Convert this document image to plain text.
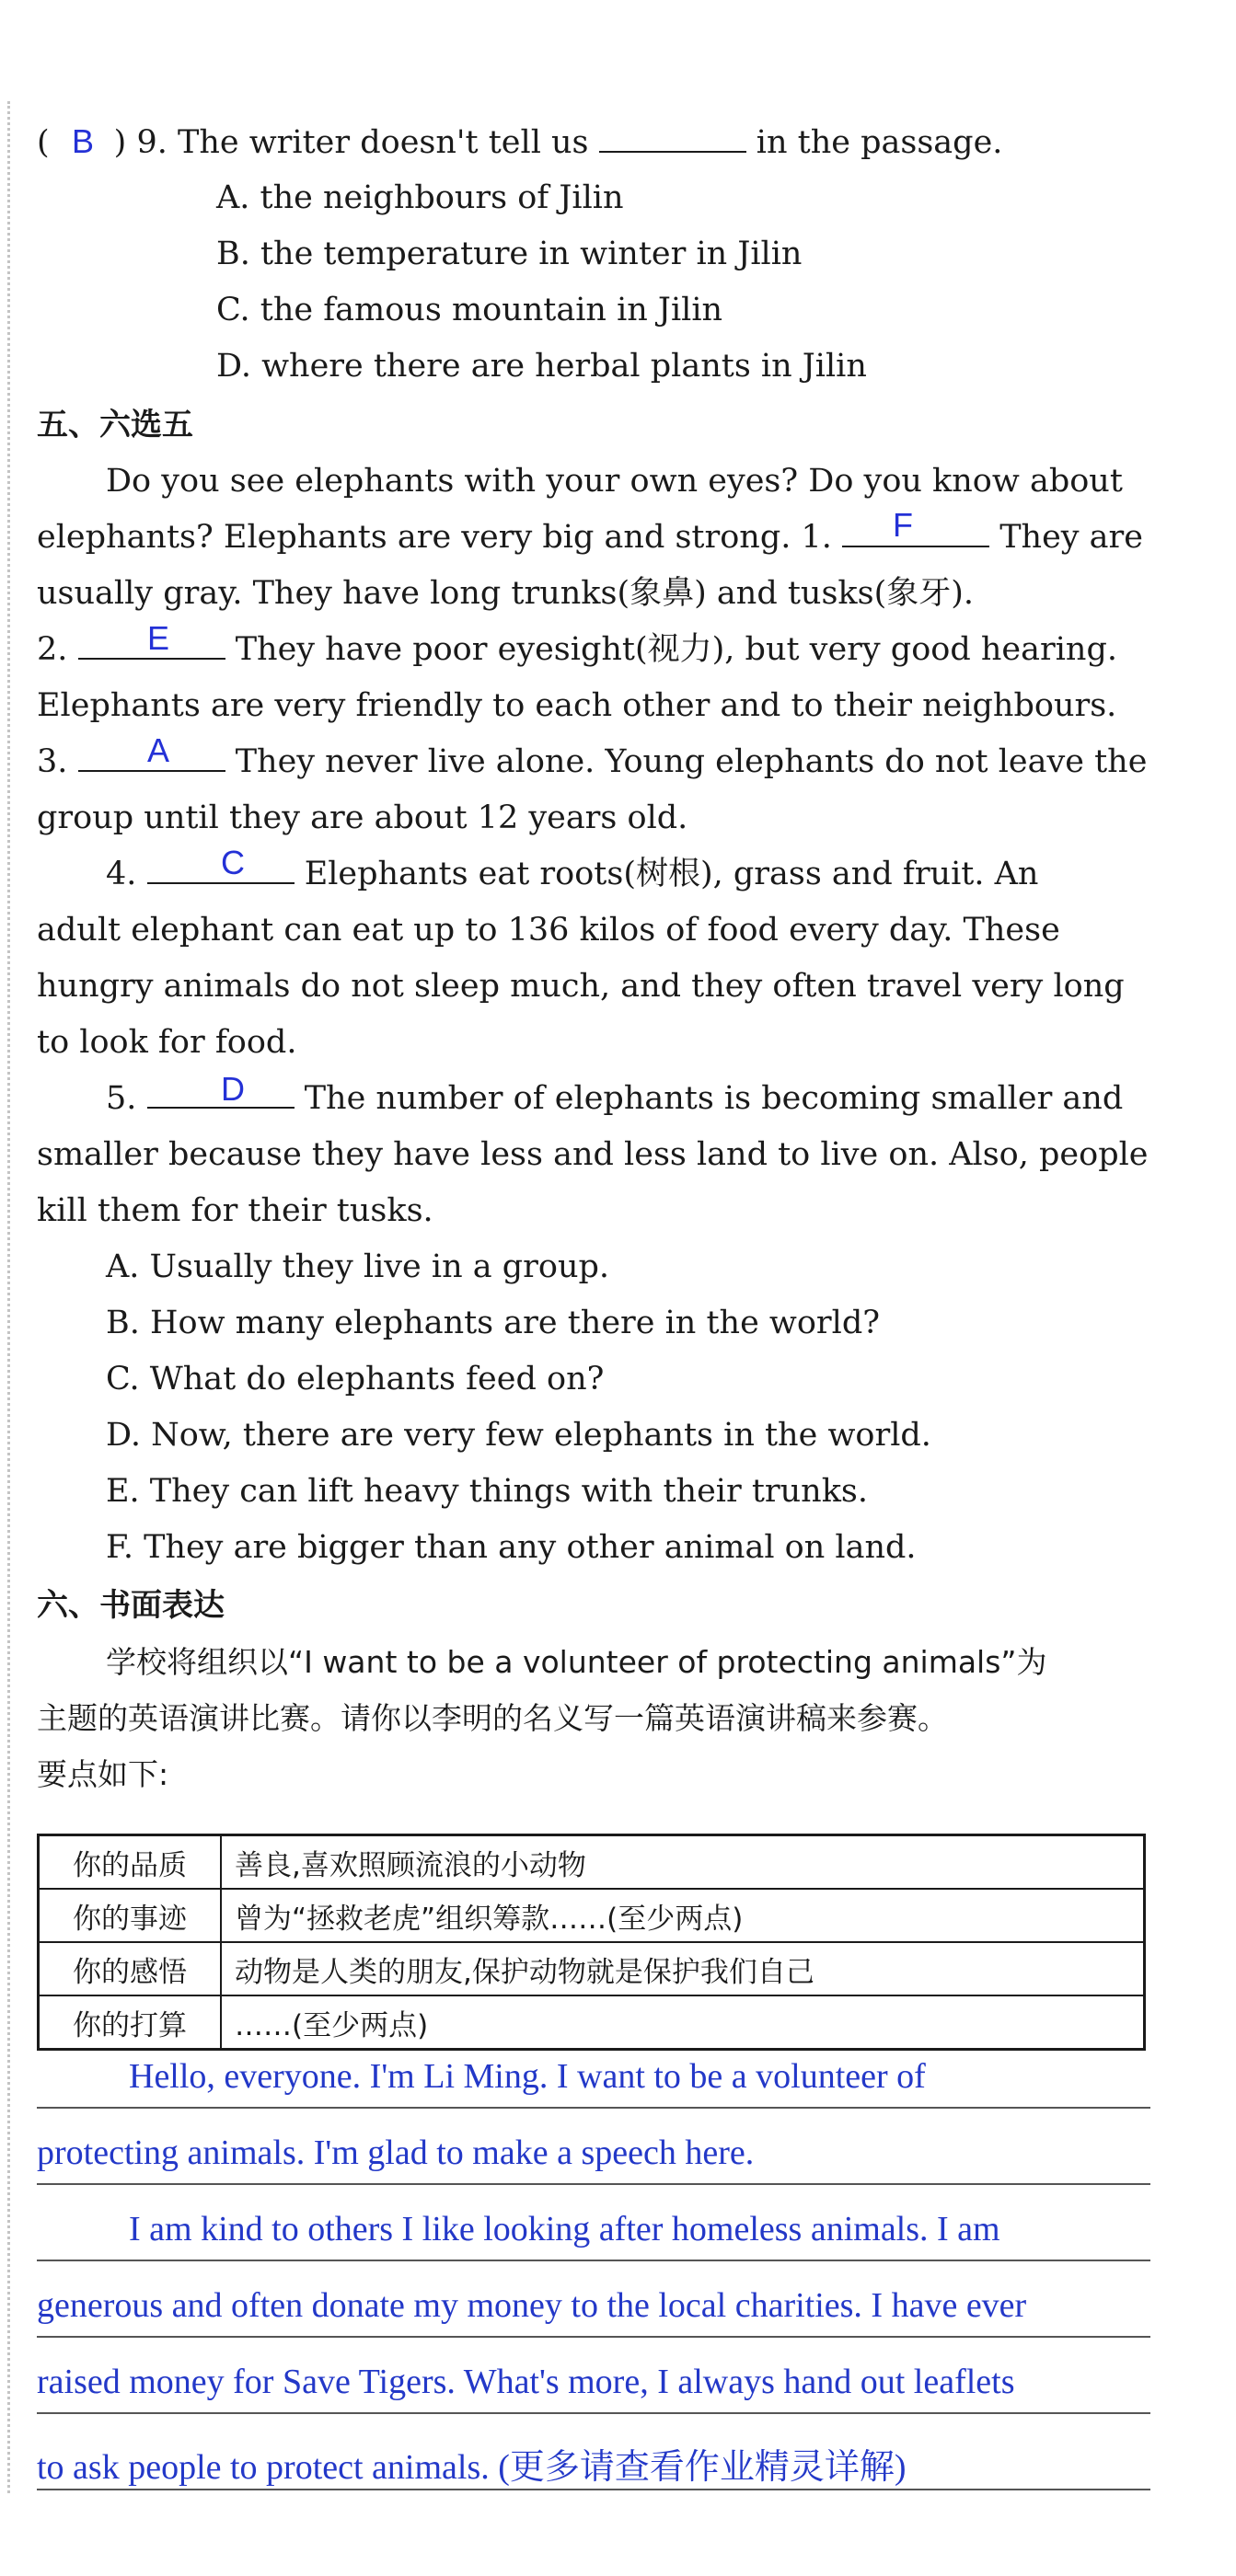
( ) 9. The writer doesn't tell us	in the passage.
B
A. the neighbours of Jilin
B. the temperature in winter in Jilin
C. the famous mountain in Jilin
D. where there are herbal plants in Jilin
五、六选五
Do you see elephants with your own eyes? Do you know about
elephants? Elephants are very big and strong. 1.	They are
F
usually gray. They have long trunks(象鼻) and tusks(象牙).
2.	They have poor eyesight(视力), but very good hearing.
E
Elephants are very friendly to each other and to their neighbours.
3.	They never live alone. Young elephants do not leave the
A
group until they are about 12 years old.
4.	Elephants eat roots(树根), grass and fruit. An
C
adult elephant can eat up to 136 kilos of food every day. These
hungry animals do not sleep much, and they often travel very long
to look for food.
5.	The number of elephants is becoming smaller and
D
smaller because they have less and less land to live on. Also, people
kill them for their tusks.
A. Usually they live in a group.
B. How many elephants are there in the world?
C. What do elephants feed on?
D. Now, there are very few elephants in the world.
E. They can lift heavy things with their trunks.
F. They are bigger than any other animal on land.
六、书面表达
学校将组织以“I want to be a volunteer of protecting animals”为
主题的英语演讲比赛。请你以李明的名义写一篇英语演讲稿来参赛。
要点如下:
你的品质	善良,喜欢照顾流浪的小动物
你的事迹	曾为“拯救老虎”组织筹款……(至少两点)
你的感悟	动物是人类的朋友,保护动物就是保护我们自己
你的打算	……(至少两点)
Hello, everyone. I'm Li Ming. I want to be a volunteer of
protecting animals. I'm glad to make a speech here.
I am kind to others I like looking after homeless animals. I am
generous and often donate my money to the local charities. I have ever
raised money for Save Tigers. What's more, I always hand out leaflets
to ask people to protect animals. (更多请查看作业精灵详解)
